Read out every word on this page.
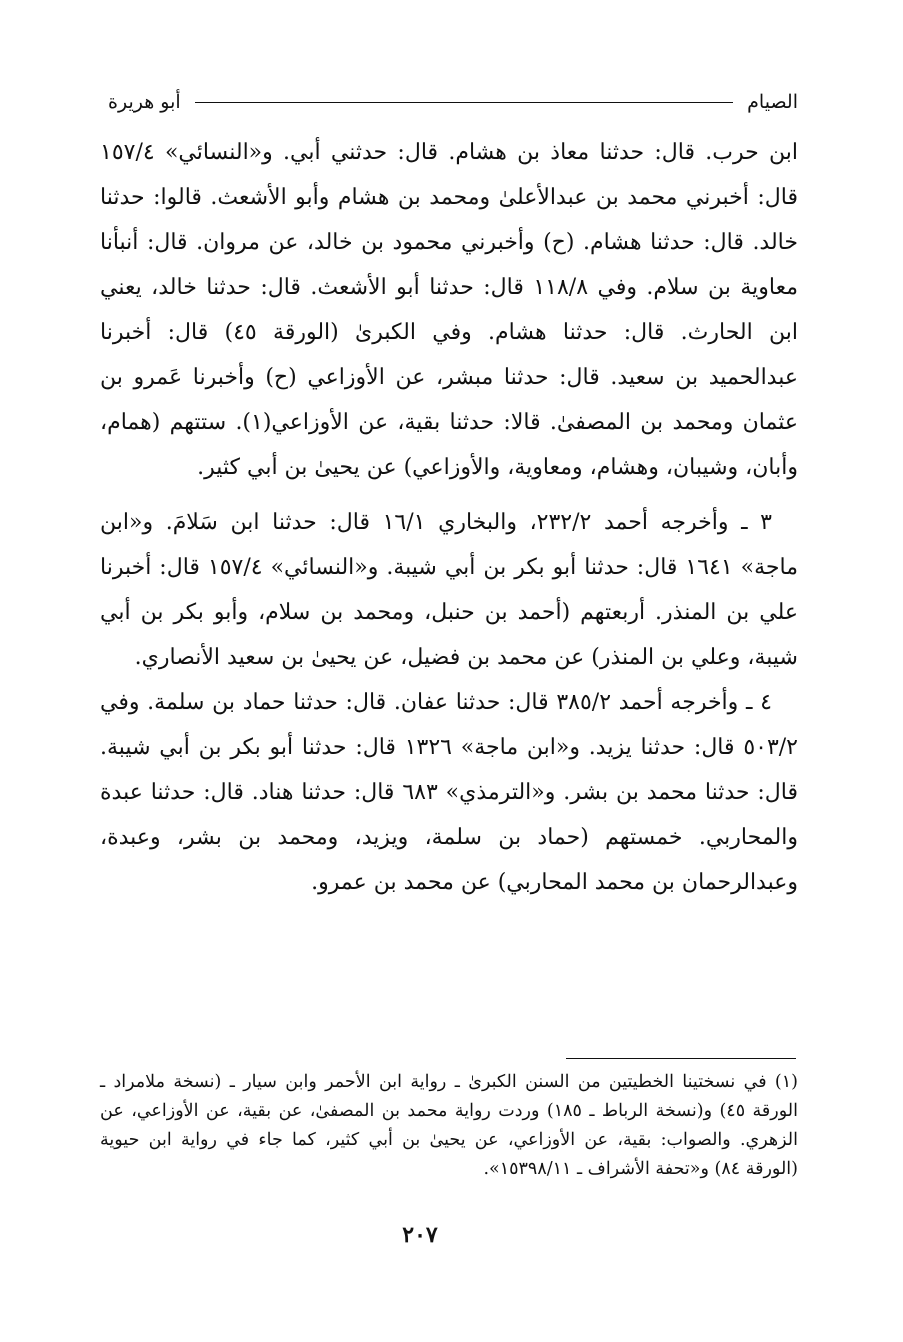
الصيام
أبو هريرة

ابن حرب. قال: حدثنا معاذ بن هشام. قال: حدثني أبي. و«النسائي» ١٥٧/٤ قال: أخبرني محمد بن عبدالأعلىٰ ومحمد بن هشام وأبو الأشعث. قالوا: حدثنا خالد. قال: حدثنا هشام. (ح) وأخبرني محمود بن خالد، عن مروان. قال: أنبأنا معاوية بن سلام. وفي ١١٨/٨ قال: حدثنا أبو الأشعث. قال: حدثنا خالد، يعني ابن الحارث. قال: حدثنا هشام. وفي الكبرىٰ (الورقة ٤٥) قال: أخبرنا عبدالحميد بن سعيد. قال: حدثنا مبشر، عن الأوزاعي (ح) وأخبرنا عَمرو بن عثمان ومحمد بن المصفىٰ. قالا: حدثنا بقية، عن الأوزاعي(١). ستتهم (همام، وأبان، وشيبان، وهشام، ومعاوية، والأوزاعي) عن يحيىٰ بن أبي كثير.

٣ ـ وأخرجه أحمد ٢٣٢/٢، والبخاري ١٦/١ قال: حدثنا ابن سَلامَ. و«ابن ماجة» ١٦٤١ قال: حدثنا أبو بكر بن أبي شيبة. و«النسائي» ١٥٧/٤ قال: أخبرنا علي بن المنذر. أربعتهم (أحمد بن حنبل، ومحمد بن سلام، وأبو بكر بن أبي شيبة، وعلي بن المنذر) عن محمد بن فضيل، عن يحيىٰ بن سعيد الأنصاري.

٤ ـ وأخرجه أحمد ٣٨٥/٢ قال: حدثنا عفان. قال: حدثنا حماد بن سلمة. وفي ٥٠٣/٢ قال: حدثنا يزيد. و«ابن ماجة» ١٣٢٦ قال: حدثنا أبو بكر بن أبي شيبة. قال: حدثنا محمد بن بشر. و«الترمذي» ٦٨٣ قال: حدثنا هناد. قال: حدثنا عبدة والمحاربي. خمستهم (حماد بن سلمة، ويزيد، ومحمد بن بشر، وعبدة، وعبدالرحمان بن محمد المحاربي) عن محمد بن عمرو.

(١) في نسختينا الخطيتين من السنن الكبرىٰ ـ رواية ابن الأحمر وابن سيار ـ (نسخة ملامراد ـ الورقة ٤٥) و(نسخة الرباط ـ ١٨٥) وردت رواية محمد بن المصفىٰ، عن بقية، عن الأوزاعي، عن الزهري. والصواب: بقية، عن الأوزاعي، عن يحيىٰ بن أبي كثير، كما جاء في رواية ابن حيوية (الورقة ٨٤) و«تحفة الأشراف ـ ١٥٣٩٨/١١».

٢٠٧
